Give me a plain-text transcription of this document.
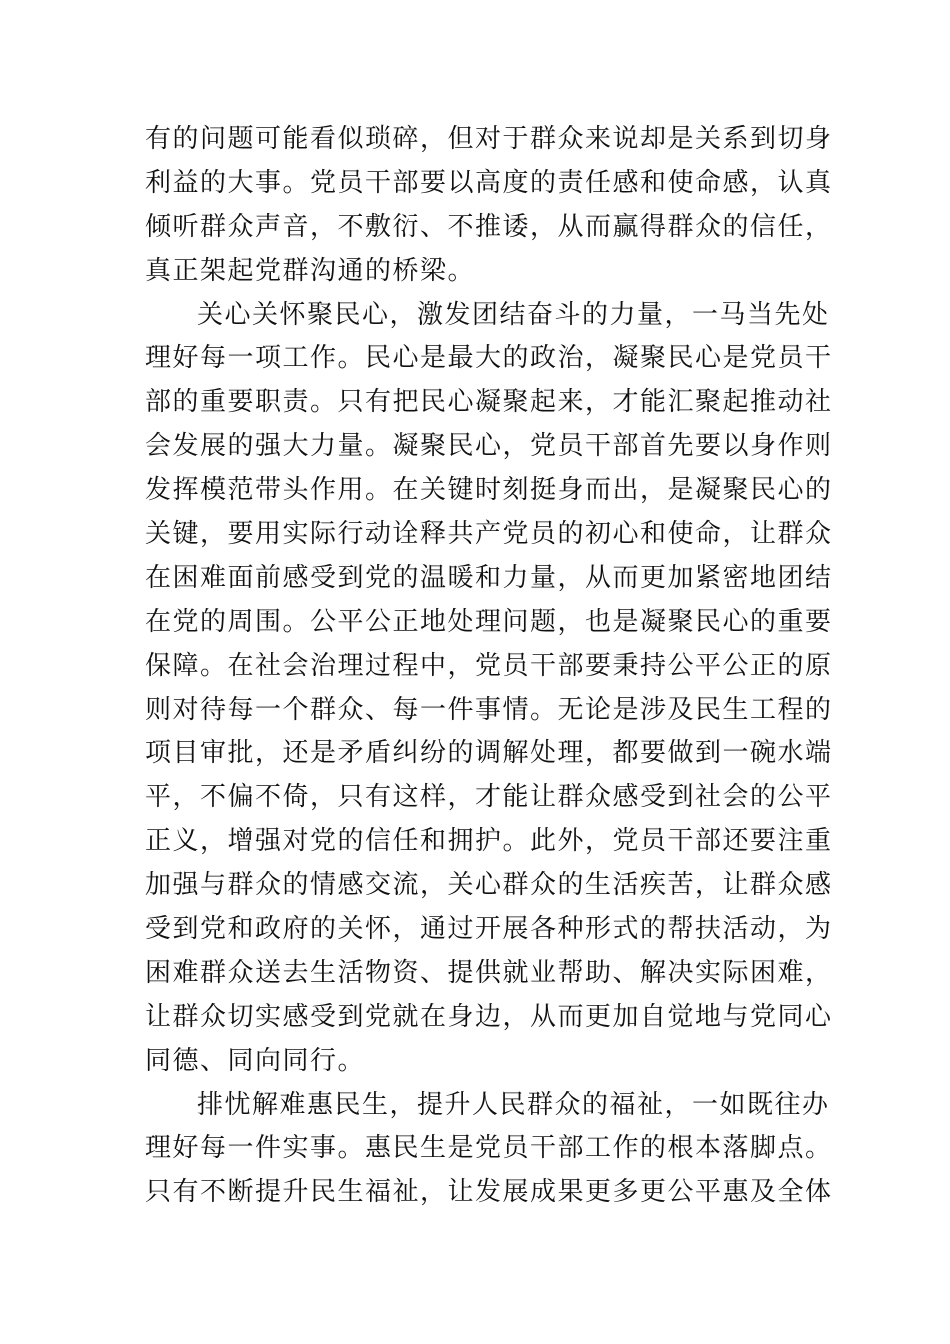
有的问题可能看似琐碎，但对于群众来说却是关系到切身
利益的大事。党员干部要以高度的责任感和使命感，认真
倾听群众声音，不敷衍、不推诿，从而赢得群众的信任，
真正架起党群沟通的桥梁。
关心关怀聚民心，激发团结奋斗的力量，一马当先处
理好每一项工作。民心是最大的政治，凝聚民心是党员干
部的重要职责。只有把民心凝聚起来，才能汇聚起推动社
会发展的强大力量。凝聚民心，党员干部首先要以身作则
发挥模范带头作用。在关键时刻挺身而出，是凝聚民心的
关键，要用实际行动诠释共产党员的初心和使命，让群众
在困难面前感受到党的温暖和力量，从而更加紧密地团结
在党的周围。公平公正地处理问题，也是凝聚民心的重要
保障。在社会治理过程中，党员干部要秉持公平公正的原
则对待每一个群众、每一件事情。无论是涉及民生工程的
项目审批，还是矛盾纠纷的调解处理，都要做到一碗水端
平，不偏不倚，只有这样，才能让群众感受到社会的公平
正义，增强对党的信任和拥护。此外，党员干部还要注重
加强与群众的情感交流，关心群众的生活疾苦，让群众感
受到党和政府的关怀，通过开展各种形式的帮扶活动，为
困难群众送去生活物资、提供就业帮助、解决实际困难，
让群众切实感受到党就在身边，从而更加自觉地与党同心
同德、同向同行。
排忧解难惠民生，提升人民群众的福祉，一如既往办
理好每一件实事。惠民生是党员干部工作的根本落脚点。
只有不断提升民生福祉，让发展成果更多更公平惠及全体
